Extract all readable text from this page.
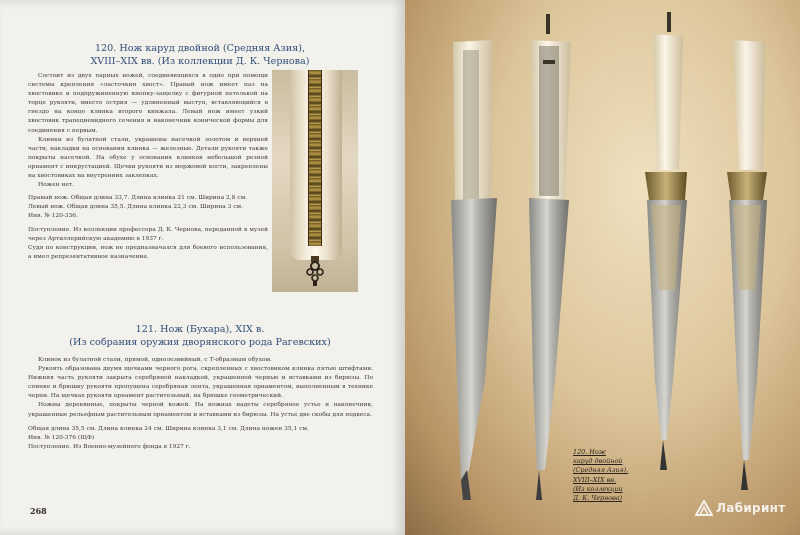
120. Нож каруд двойной (Средняя Азия),
XVIII–XIX вв. (Из коллекции Д. К. Чернова)

Состоит из двух парных ножей, соединяющихся в одно при помощи системы крепления «ласточкин хвост». Правый нож имеет паз на хвостовике и подпружиненную кнопку-защелку с фигурной петелькой на торце рукояти, вместо острия — удлиненный выступ, вставляющийся в гнездо на конце клинка второго кинжала. Левый нож имеет узкий хвостовик трапециевидного сечения и наконечник конической формы для соединения с первым.

Клинки из булатной стали, украшены насечкой золотом и верхней части, накладки на основании клинка — железные. Детали рукояти также покрыты насечкой. На обухе у основания клинков небольшой резной орнамент с инкрустацией. Щечки рукояти из моржовой кости, закреплены на хвостовиках на внутренних заклепках.

Ножен нет.

Правый нож. Общая длина 33,7. Длина клинка 21 см. Ширина 2,8 см.

Левый нож. Общая длина 35,5. Длина клинка 22,3 см. Ширина 3 см.

Инв. № 120-336.

Поступление. Из коллекции профессора Д. К. Чернова, переданной в музей через Артиллерийскую академию в 1937 г.

Судя по конструкции, нож не предназначался для боевого использования, а имел репрезентативное назначение.

121. Нож (Бухара), XIX в.
(Из собрания оружия дворянского рода Рагевских)

Клинок из булатной стали, прямой, однолезвийный, с Т-образным обухом.

Рукоять образована двумя щечками черного рога, скрепленных с хвостовиком клинка пятью штифтами. Нижняя часть рукояти закрыта серебряной накладкой, украшенной чернью и вставками из бирюзы. По спинке и брюшку рукояти пропущена серебряная лента, украшенная орнаментом, выполненным в технике черни. На щечках рукояти орнамент растительный, на брюшке геометрический.

Ножны деревянные, покрыты черной кожей. На ножнах надеты серебряное устье и наконечник, украшенные рельефным растительным орнаментом и вставками из бирюзы. На устье две скобы для подвеса.

Общая длина 35,5 см. Длина клинка 24 см. Ширина клинка 3,1 см. Длина ножен 35,1 см.

Инв. № 120-376 (ЩФ)

Поступление. Из Военно-музейного фонда в 1927 г.

268
120. Нож
каруд двойной
(Средняя Азия).
XVIII–XIX вв.
(Из коллекции
Д. К. Чернова)
Лабиринт
